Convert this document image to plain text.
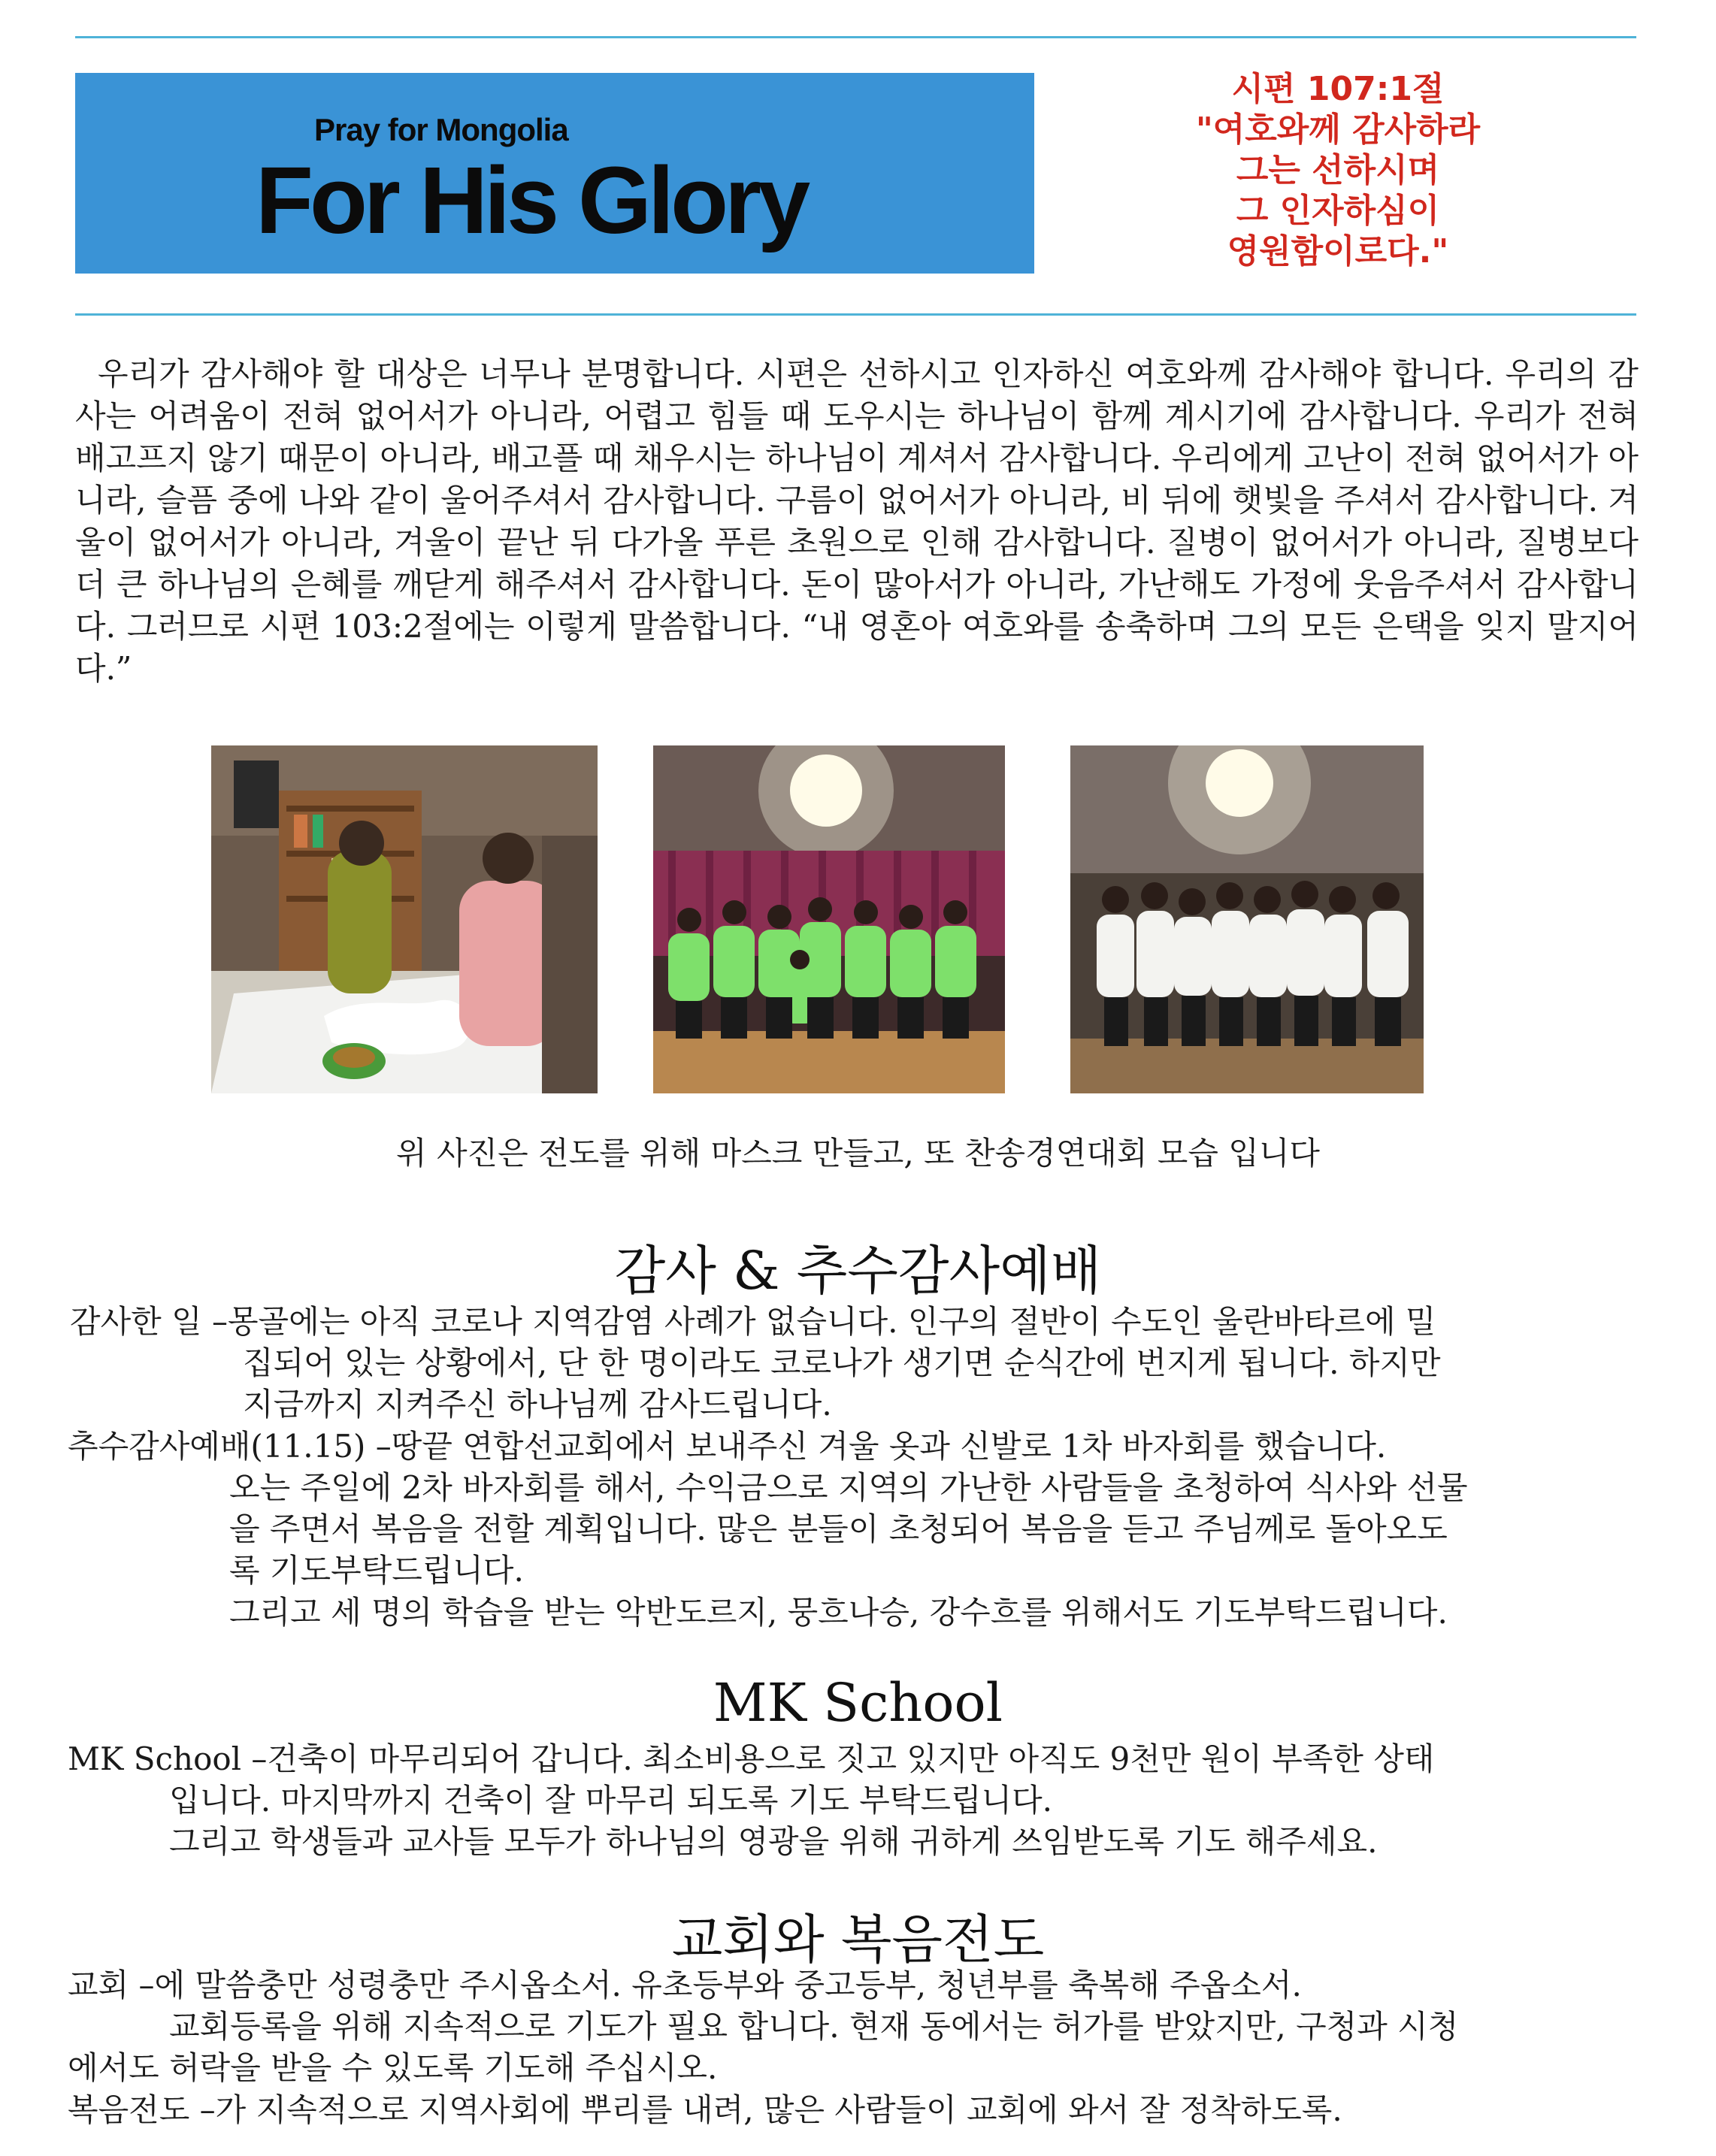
Pray for Mongolia
For His Glory
시편 107:1절
"여호와께 감사하라
그는 선하시며
그 인자하심이
영원함이로다."

우리가 감사해야 할 대상은 너무나 분명합니다. 시편은 선하시고 인자하신 여호와께 감사해야 합니다. 우리의 감사는 어려움이 전혀 없어서가 아니라, 어렵고 힘들 때 도우시는 하나님이 함께 계시기에 감사합니다. 우리가 전혀 배고프지 않기 때문이 아니라, 배고플 때 채우시는 하나님이 계셔서 감사합니다. 우리에게 고난이 전혀 없어서가 아니라, 슬픔 중에 나와 같이 울어주셔서 감사합니다. 구름이 없어서가 아니라, 비 뒤에 햇빛을 주셔서 감사합니다. 겨울이 없어서가 아니라, 겨울이 끝난 뒤 다가올 푸른 초원으로 인해 감사합니다. 질병이 없어서가 아니라, 질병보다 더 큰 하나님의 은혜를 깨닫게 해주셔서 감사합니다. 돈이 많아서가 아니라, 가난해도 가정에 웃음주셔서 감사합니다. 그러므로 시편 103:2절에는 이렇게 말씀합니다. “내 영혼아 여호와를 송축하며 그의 모든 은택을 잊지 말지어다.”

위 사진은 전도를 위해 마스크 만들고, 또 찬송경연대회 모습 입니다
감사 & 추수감사예배
감사한 일 –몽골에는 아직 코로나 지역감염 사례가 없습니다. 인구의 절반이 수도인 울란바타르에 밀
집되어 있는 상황에서, 단 한 명이라도 코로나가 생기면 순식간에 번지게 됩니다. 하지만
지금까지 지켜주신 하나님께 감사드립니다.
추수감사예배(11.15) –땅끝 연합선교회에서 보내주신 겨울 옷과 신발로 1차 바자회를 했습니다.
오는 주일에 2차 바자회를 해서, 수익금으로 지역의 가난한 사람들을 초청하여 식사와 선물
을 주면서 복음을 전할 계획입니다. 많은 분들이 초청되어 복음을 듣고 주님께로 돌아오도
록 기도부탁드립니다.
그리고 세 명의 학습을 받는 악반도르지, 뭉흐나승, 강수흐를 위해서도 기도부탁드립니다.
MK School
MK School –건축이 마무리되어 갑니다. 최소비용으로 짓고 있지만 아직도 9천만 원이 부족한 상태
입니다. 마지막까지 건축이 잘 마무리 되도록 기도 부탁드립니다.
그리고 학생들과 교사들 모두가 하나님의 영광을 위해 귀하게 쓰임받도록 기도 해주세요.
교회와 복음전도
교회 –에 말씀충만 성령충만 주시옵소서. 유초등부와 중고등부, 청년부를 축복해 주옵소서.
교회등록을 위해 지속적으로 기도가 필요 합니다. 현재 동에서는 허가를 받았지만, 구청과 시청
에서도 허락을 받을 수 있도록 기도해 주십시오.
복음전도 –가 지속적으로 지역사회에 뿌리를 내려, 많은 사람들이 교회에 와서 잘 정착하도록.
